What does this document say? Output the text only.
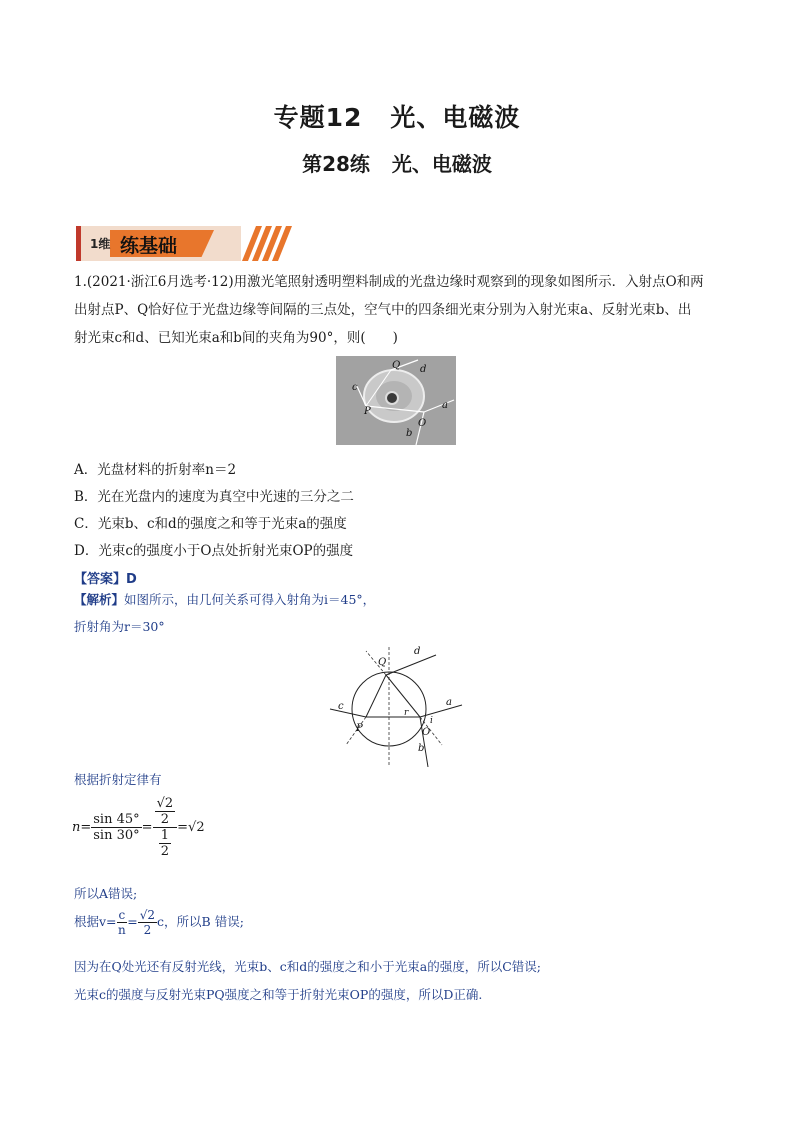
专题12 光、电磁波
第28练 光、电磁波
1维 练基础
1.(2021·浙江6月选考·12)用激光笔照射透明塑料制成的光盘边缘时观察到的现象如图所示．入射点O和两
出射点P、Q恰好位于光盘边缘等间隔的三点处，空气中的四条细光束分别为入射光束a、反射光束b、出
射光束c和d、已知光束a和b间的夹角为90°，则(　　)
Q d
c
P
a
O
b
A．光盘材料的折射率n＝2
B．光在光盘内的速度为真空中光速的三分之二
C．光束b、c和d的强度之和等于光束a的强度
D．光束c的强度小于O点处折射光束OP的强度
【答案】D
【解析】如图所示，由几何关系可得入射角为i＝45°，
折射角为r＝30°
d
Q
c
r
a
i
P	O
b
根据折射定律有
$n= \frac{\sin 45^\circ}{\sin 30^\circ} = \frac{\frac{√2}{2}}{\frac{1}{2}} =√2$
所以A错误;
根据$v= \frac{c}{n} = \frac{√2}{2}$ c，所以B 错误;
因为在Q处光还有反射光线，光束b、c和d的强度之和小于光束a的强度，所以C错误;
光束c的强度与反射光束PQ强度之和等于折射光束OP的强度，所以D正确.
